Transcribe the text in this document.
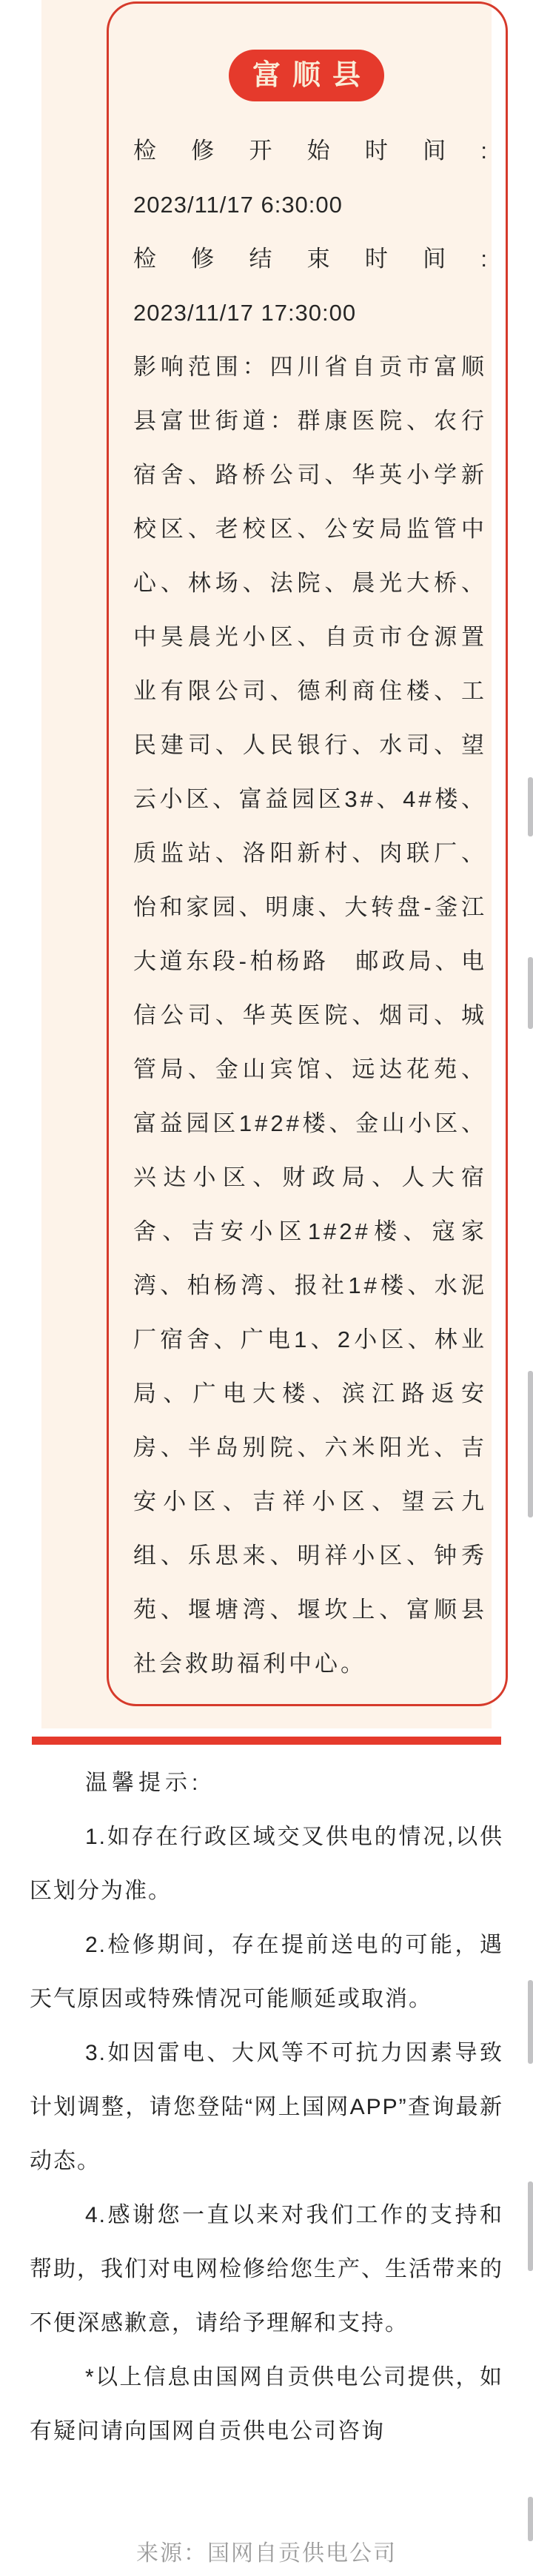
富顺县

检修开始时间:

2023/11/17 6:30:00

检修结束时间:

2023/11/17 17:30:00

影响范围：四川省自贡市富顺县富世街道：群康医院、农行宿舍、路桥公司、华英小学新校区、老校区、公安局监管中心、林场、法院、晨光大桥、中昊晨光小区、自贡市仓源置业有限公司、德利商住楼、工民建司、人民银行、水司、望云小区、富益园区3#、4#楼、质监站、洛阳新村、肉联厂、怡和家园、明康、大转盘-釜江大道东段-柏杨路　邮政局、电信公司、华英医院、烟司、城管局、金山宾馆、远达花苑、富益园区1#2#楼、金山小区、兴达小区、财政局、人大宿舍、吉安小区1#2#楼、寇家湾、柏杨湾、报社1#楼、水泥厂宿舍、广电1、2小区、林业局、广电大楼、滨江路返安房、半岛别院、六米阳光、吉安小区、吉祥小区、望云九组、乐思来、明祥小区、钟秀苑、堰塘湾、堰坎上、富顺县社会救助福利中心。

温馨提示:

1.如存在行政区域交叉供电的情况,以供区划分为准。

2.检修期间，存在提前送电的可能，遇天气原因或特殊情况可能顺延或取消。

3.如因雷电、大风等不可抗力因素导致计划调整，请您登陆“网上国网APP”查询最新动态。

4.感谢您一直以来对我们工作的支持和帮助，我们对电网检修给您生产、生活带来的不便深感歉意，请给予理解和支持。

*以上信息由国网自贡供电公司提供，如有疑问请向国网自贡供电公司咨询

来源：国网自贡供电公司
